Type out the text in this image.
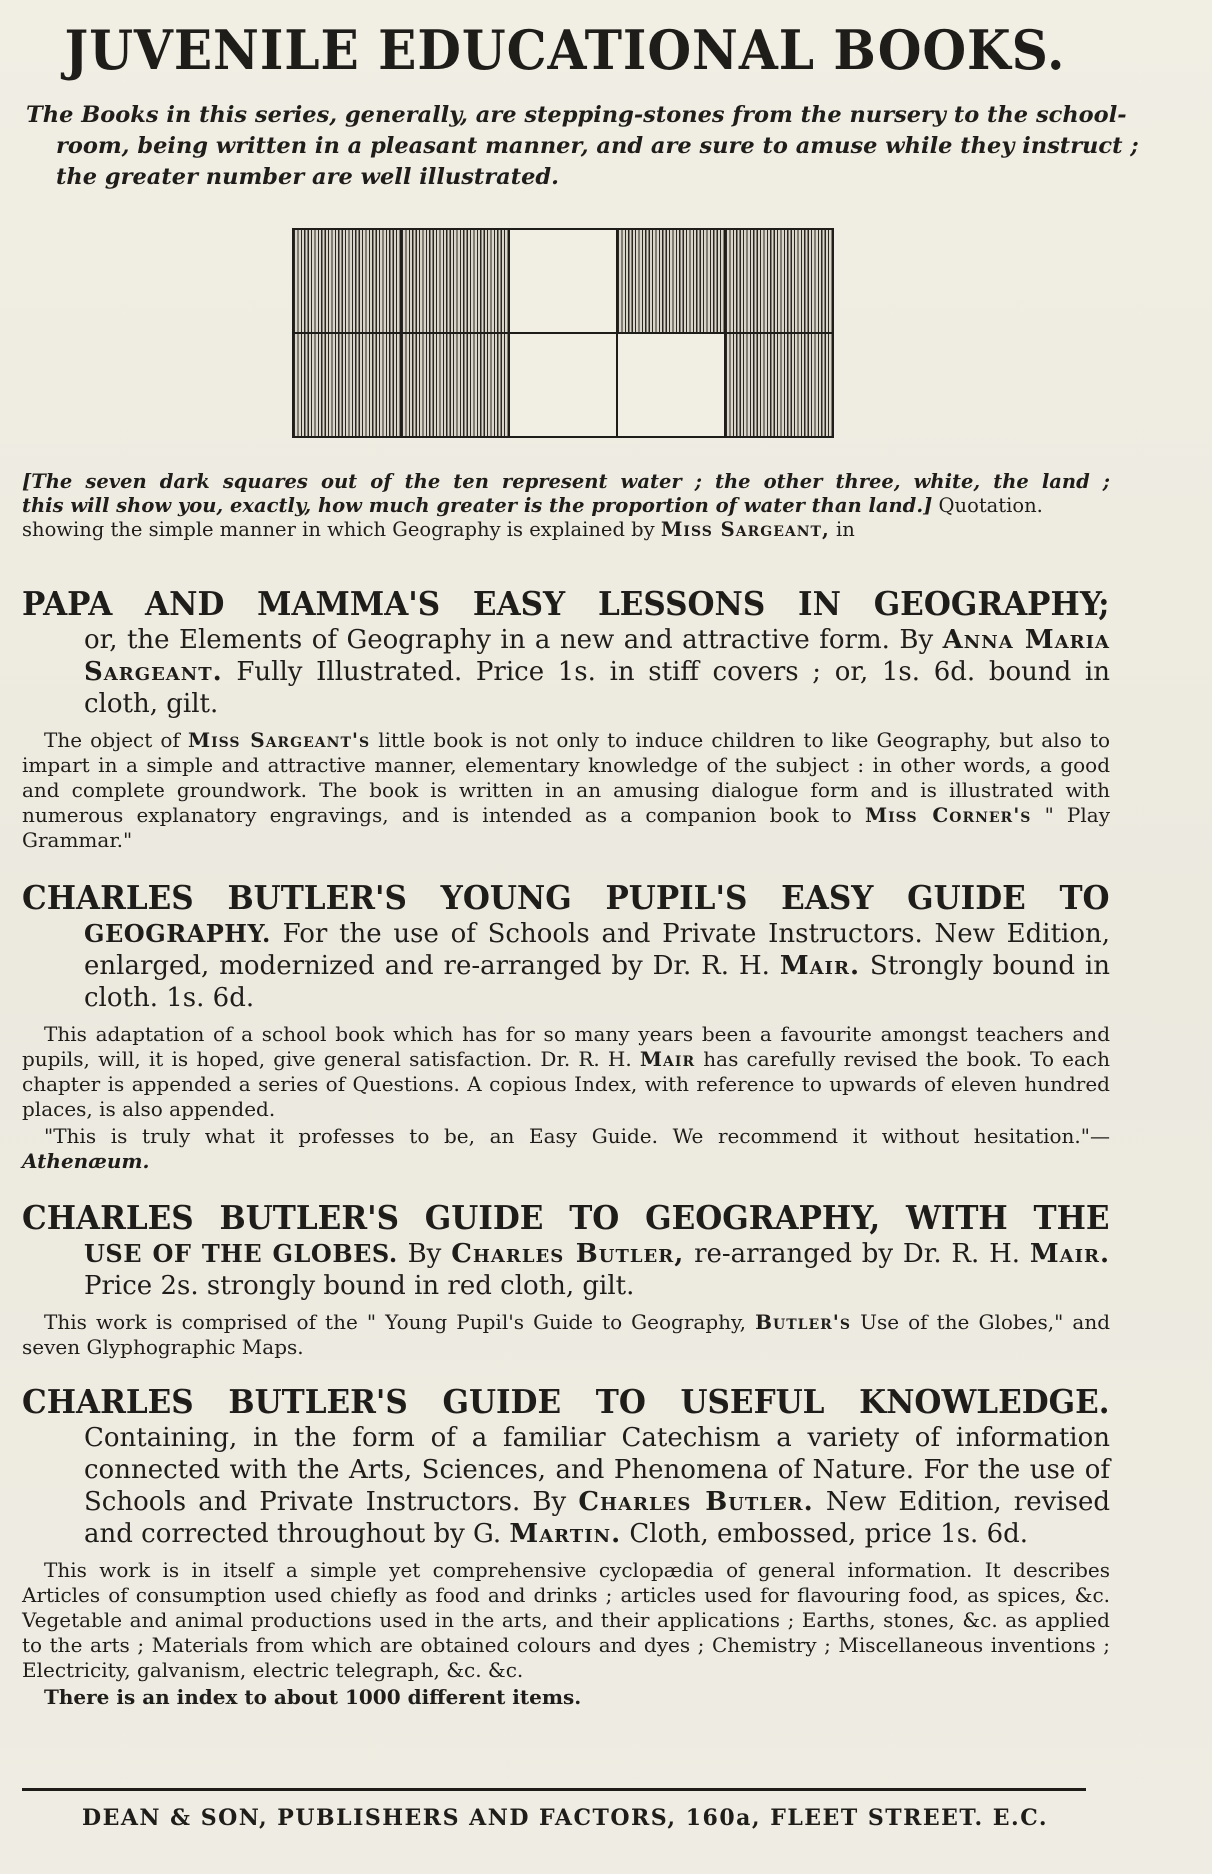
JUVENILE EDUCATIONAL BOOKS.

The Books in this series, generally, are stepping-stones from the nursery to the school-room, being written in a pleasant manner, and are sure to amuse while they instruct ; the greater number are well illustrated.

[The seven dark squares out of the ten represent water ; the other three, white, the land ;
this will show you, exactly, how much greater is the proportion of water than land.] Quotation. showing the simple manner in which Geography is explained by Miss Sargeant, in

PAPA AND MAMMA'S EASY LESSONS IN GEOGRAPHY;

or, the Elements of Geography in a new and attractive form. By Anna Maria Sargeant. Fully Illustrated. Price 1s. in stiff covers ; or, 1s. 6d. bound in cloth, gilt.

The object of Miss Sargeant's little book is not only to induce children to like Geography, but also to impart in a simple and attractive manner, elementary knowledge of the subject : in other words, a good and complete groundwork. The book is written in an amusing dialogue form and is illustrated with numerous explanatory engravings, and is intended as a companion book to Miss Corner's " Play Grammar."

CHARLES BUTLER'S YOUNG PUPIL'S EASY GUIDE TO

GEOGRAPHY. For the use of Schools and Private Instructors. New Edition, enlarged, modernized and re-arranged by Dr. R. H. Mair. Strongly bound in cloth. 1s. 6d.

This adaptation of a school book which has for so many years been a favourite amongst teachers and pupils, will, it is hoped, give general satisfaction. Dr. R. H. Mair has carefully revised the book. To each chapter is appended a series of Questions. A copious Index, with reference to upwards of eleven hundred places, is also appended.

"This is truly what it professes to be, an Easy Guide. We recommend it without hesitation."—Athenæum.

CHARLES BUTLER'S GUIDE TO GEOGRAPHY, WITH THE

USE OF THE GLOBES. By Charles Butler, re-arranged by Dr. R. H. Mair. Price 2s. strongly bound in red cloth, gilt.

This work is comprised of the " Young Pupil's Guide to Geography, Butler's Use of the Globes," and seven Glyphographic Maps.

CHARLES BUTLER'S GUIDE TO USEFUL KNOWLEDGE.

Containing, in the form of a familiar Catechism a variety of information connected with the Arts, Sciences, and Phenomena of Nature. For the use of Schools and Private Instructors. By Charles Butler. New Edition, revised and corrected throughout by G. Martin. Cloth, embossed, price 1s. 6d.

This work is in itself a simple yet comprehensive cyclopædia of general information. It describes Articles of consumption used chiefly as food and drinks ; articles used for flavouring food, as spices, &c. Vegetable and animal productions used in the arts, and their applications ; Earths, stones, &c. as applied to the arts ; Materials from which are obtained colours and dyes ; Chemistry ; Miscellaneous inventions ; Electricity, galvanism, electric telegraph, &c. &c.

There is an index to about 1000 different items.

DEAN & SON, PUBLISHERS AND FACTORS, 160a, FLEET STREET. E.C.
